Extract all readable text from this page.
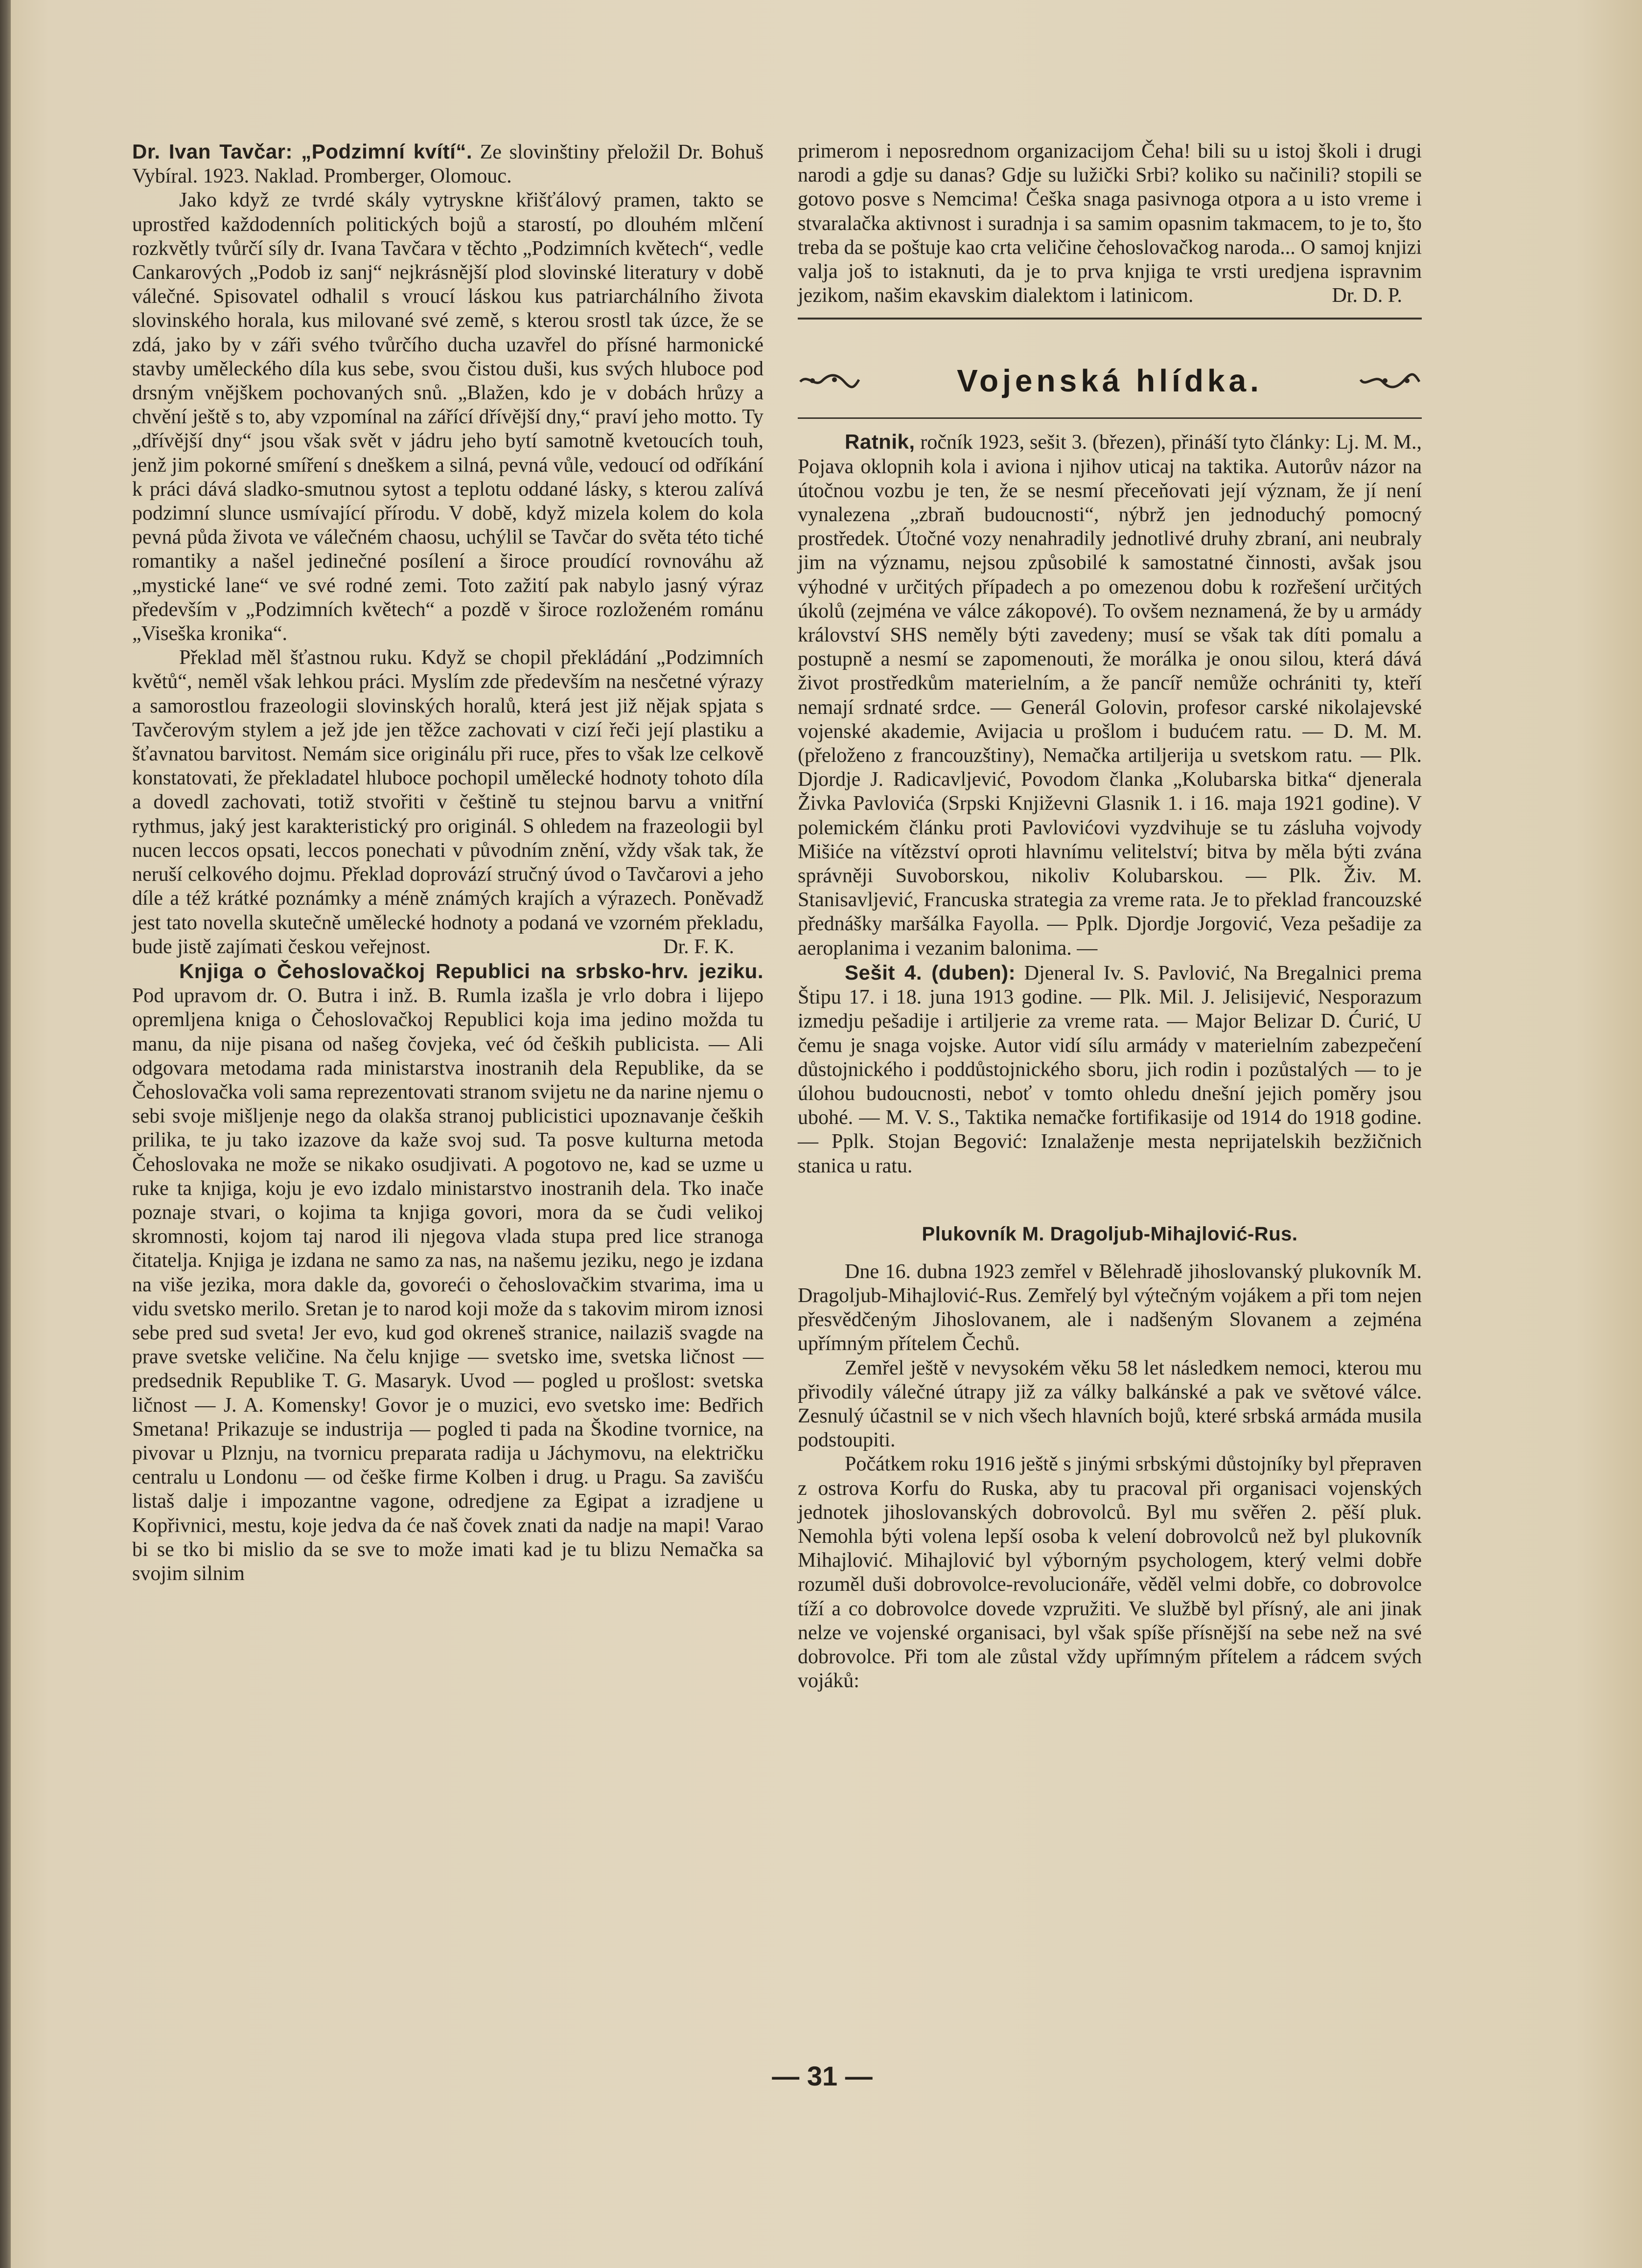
Dr. Ivan Tavčar: „Podzimní kvítí“. Ze slovinštiny přeložil Dr. Bohuš Vybíral. 1923. Naklad. Promberger, Olomouc.

Jako když ze tvrdé skály vytryskne křišťálový pramen, takto se uprostřed každodenních politických bojů a starostí, po dlouhém mlčení rozkvětly tvůrčí síly dr. Ivana Tavčara v těchto „Podzimních květech“, vedle Cankarových „Podob iz sanj“ nejkrásnější plod slovinské literatury v době válečné. Spisovatel odhalil s vroucí láskou kus patriarchálního života slovinského horala, kus milované své země, s kterou srostl tak úzce, že se zdá, jako by v záři svého tvůrčího ducha uzavřel do přísné harmonické stavby uměleckého díla kus sebe, svou čistou duši, kus svých hluboce pod drsným vnějškem pochovaných snů. „Blažen, kdo je v dobách hrůzy a chvění ještě s to, aby vzpomínal na zářící dřívější dny,“ praví jeho motto. Ty „dřívější dny“ jsou však svět v jádru jeho bytí samotně kvetoucích touh, jenž jim pokorné smíření s dneškem a silná, pevná vůle, vedoucí od odříkání k práci dává sladko-smutnou sytost a teplotu oddané lásky, s kterou zalívá podzimní slunce usmívající přírodu. V době, když mizela kolem do kola pevná půda života ve válečném chaosu, uchýlil se Tavčar do světa této tiché romantiky a našel jedinečné posílení a široce proudící rovnováhu až „mystické lane“ ve své rodné zemi. Toto zažití pak nabylo jasný výraz především v „Podzimních květech“ a pozdě v široce rozloženém románu „Viseška kronika“.

Překlad měl šťastnou ruku. Když se chopil překládání „Podzimních květů“, neměl však lehkou práci. Myslím zde především na nesčetné výrazy a samorostlou frazeologii slovinských horalů, která jest již nějak spjata s Tavčerovým stylem a jež jde jen těžce zachovati v cizí řeči její plastiku a šťavnatou barvitost. Nemám sice originálu při ruce, přes to však lze celkově konstatovati, že překladatel hluboce pochopil umělecké hodnoty tohoto díla a dovedl zachovati, totiž stvořiti v češtině tu stejnou barvu a vnitřní rythmus, jaký jest karakteristický pro originál. S ohledem na frazeologii byl nucen leccos opsati, leccos ponechati v původním znění, vždy však tak, že neruší celkového dojmu. Překlad doprovází stručný úvod o Tavčarovi a jeho díle a též krátké poznámky a méně známých krajích a výrazech. Poněvadž jest tato novella skutečně umělecké hodnoty a podaná ve vzorném překladu, bude jistě zajímati českou veřejnost.	Dr. F. K.

Knjiga o Čehoslovačkoj Republici na srbsko-hrv. jeziku. Pod upravom dr. O. Butra i inž. B. Rumla izašla je vrlo dobra i lijepo opremljena kniga o Čehoslovačkoj Republici koja ima jedino možda tu manu, da nije pisana od našeg čovjeka, već ód čeških publicista. — Ali odgovara metodama rada ministarstva inostranih dela Republike, da se Čehoslovačka voli sama reprezentovati stranom svijetu ne da narine njemu o sebi svoje mišljenje nego da olakša stranoj publicistici upoznavanje čeških prilika, te ju tako izazove da kaže svoj sud. Ta posve kulturna metoda Čehoslovaka ne može se nikako osudjivati. A pogotovo ne, kad se uzme u ruke ta knjiga, koju je evo izdalo ministarstvo inostranih dela. Tko inače poznaje stvari, o kojima ta knjiga govori, mora da se čudi velikoj skromnosti, kojom taj narod ili njegova vlada stupa pred lice stranoga čitatelja. Knjiga je izdana ne samo za nas, na našemu jeziku, nego je izdana na više jezika, mora dakle da, govoreći o čehoslovačkim stvarima, ima u vidu svetsko merilo. Sretan je to narod koji može da s takovim mirom iznosi sebe pred sud sveta! Jer evo, kud god okreneš stranice, nailaziš svagde na prave svetske veličine. Na čelu knjige — svetsko ime, svetska ličnost — predsednik Republike T. G. Masaryk. Uvod — pogled u prošlost: svetska ličnost — J. A. Komensky! Govor je o muzici, evo svetsko ime: Bedřich Smetana! Prikazuje se industrija — pogled ti pada na Škodine tvornice, na pivovar u Plznju, na tvornicu preparata radija u Jáchymovu, na električku centralu u Londonu — od češke firme Kolben i drug. u Pragu. Sa zavišću listaš dalje i impozantne vagone, odredjene za Egipat a izradjene u Kopřivnici, mestu, koje jedva da će naš čovek znati da nadje na mapi! Varao bi se tko bi mislio da se sve to može imati kad je tu blizu Nemačka sa svojim silnim

primerom i neposrednom organizacijom Čeha! bili su u istoj školi i drugi narodi a gdje su danas? Gdje su lužički Srbi? koliko su načinili? stopili se gotovo posve s Nemcima! Češka snaga pasivnoga otpora a u isto vreme i stvaralačka aktivnost i suradnja i sa samim opasnim takmacem, to je to, što treba da se poštuje kao crta veličine čehoslovačkog naroda... O samoj knjizi valja još to istaknuti, da je to prva knjiga te vrsti uredjena ispravnim jezikom, našim ekavskim dialektom i latinicom.	Dr. D. P.

Vojenská hlídka.

Ratnik, ročník 1923, sešit 3. (březen), přináší tyto články: Lj. M. M., Pojava oklopnih kola i aviona i njihov uticaj na taktika. Autorův názor na útočnou vozbu je ten, že se nesmí přeceňovati její význam, že jí není vynalezena „zbraň budoucnosti“, nýbrž jen jednoduchý pomocný prostředek. Útočné vozy nenahradily jednotlivé druhy zbraní, ani neubraly jim na významu, nejsou způsobilé k samostatné činnosti, avšak jsou výhodné v určitých případech a po omezenou dobu k rozřešení určitých úkolů (zejména ve válce zákopové). To ovšem neznamená, že by u armády království SHS neměly býti zavedeny; musí se však tak díti pomalu a postupně a nesmí se zapomenouti, že morálka je onou silou, která dává život prostředkům materielním, a že pancíř nemůže ochrániti ty, kteří nemají srdnaté srdce. — Generál Golovin, profesor carské nikolajevské vojenské akademie, Avijacia u prošlom i budućem ratu. — D. M. M. (přeloženo z francouzštiny), Nemačka artiljerija u svetskom ratu. — Plk. Djordje J. Radicavljević, Povodom članka „Kolubarska bitka“ djenerala Živka Pavlovića (Srpski Književni Glasnik 1. i 16. maja 1921 godine). V polemickém článku proti Pavlovićovi vyzdvihuje se tu zásluha vojvody Mišiće na vítězství oproti hlavnímu velitelství; bitva by měla býti zvána správněji Suvoborskou, nikoliv Kolubarskou. — Plk. Živ. M. Stanisavljević, Francuska strategia za vreme rata. Je to překlad francouzské přednášky maršálka Fayolla. — Pplk. Djordje Jorgović, Veza pešadije za aeroplanima i vezanim balonima. —

Sešit 4. (duben): Djeneral Iv. S. Pavlović, Na Bregalnici prema Štipu 17. i 18. juna 1913 godine. — Plk. Mil. J. Jelisijević, Nesporazum izmedju pešadije i artiljerie za vreme rata. — Major Belizar D. Ćurić, U čemu je snaga vojske. Autor vidí sílu armády v materielním zabezpečení důstojnického i poddůstojnického sboru, jich rodin i pozůstalých — to je úlohou budoucnosti, neboť v tomto ohledu dnešní jejich poměry jsou ubohé. — M. V. S., Taktika nemačke fortifikasije od 1914 do 1918 godine. — Pplk. Stojan Begović: Iznalaženje mesta neprijatelskih bezžičnich stanica u ratu.

Plukovník M. Dragoljub-Mihajlović-Rus.

Dne 16. dubna 1923 zemřel v Bělehradě jihoslovanský plukovník M. Dragoljub-Mihajlović-Rus. Zemřelý byl výtečným vojákem a při tom nejen přesvědčeným Jihoslovanem, ale i nadšeným Slovanem a zejména upřímným přítelem Čechů.

Zemřel ještě v nevysokém věku 58 let následkem nemoci, kterou mu přivodily válečné útrapy již za války balkánské a pak ve světové válce. Zesnulý účastnil se v nich všech hlavních bojů, které srbská armáda musila podstoupiti.

Počátkem roku 1916 ještě s jinými srbskými důstojníky byl přepraven z ostrova Korfu do Ruska, aby tu pracoval při organisaci vojenských jednotek jihoslovanských dobrovolců. Byl mu svěřen 2. pěší pluk. Nemohla býti volena lepší osoba k velení dobrovolců než byl plukovník Mihajlović. Mihajlović byl výborným psychologem, který velmi dobře rozuměl duši dobrovolce-revolucionáře, věděl velmi dobře, co dobrovolce tíží a co dobrovolce dovede vzpružiti. Ve službě byl přísný, ale ani jinak nelze ve vojenské organisaci, byl však spíše přísnější na sebe než na své dobrovolce. Při tom ale zůstal vždy upřímným přítelem a rádcem svých vojáků:

— 31 —
